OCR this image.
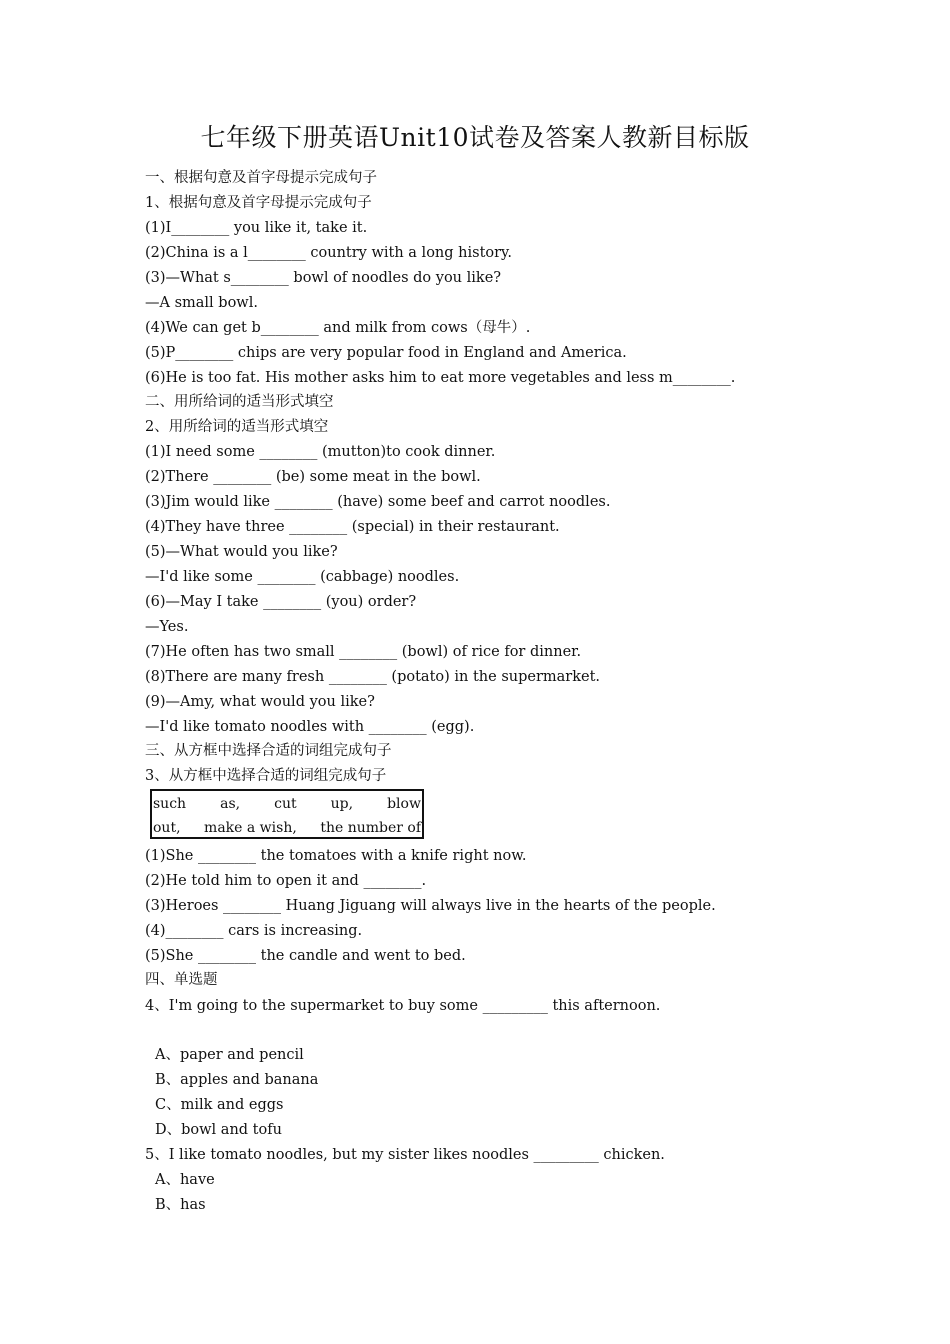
七年级下册英语Unit10试卷及答案人教新目标版
一、根据句意及首字母提示完成句子
1、根据句意及首字母提示完成句子
(1)I________ you like it, take it.
(2)China is a l________ country with a long history.
(3)—What s________ bowl of noodles do you like?
—A small bowl.
(4)We can get b________ and milk from cows（母牛）.
(5)P________ chips are very popular food in England and America.
(6)He is too fat. His mother asks him to eat more vegetables and less m________.
二、用所给词的适当形式填空
2、用所给词的适当形式填空
(1)I need some ________ (mutton)to cook dinner.
(2)There ________ (be) some meat in the bowl.
(3)Jim would like ________ (have) some beef and carrot noodles.
(4)They have three ________ (special) in their restaurant.
(5)—What would you like?
—I'd like some ________ (cabbage) noodles.
(6)—May I take ________ (you) order?
—Yes.
(7)He often has two small ________ (bowl) of rice for dinner.
(8)There are many fresh ________ (potato) in the supermarket.
(9)—Amy, what would you like?
—I'd like tomato noodles with ________ (egg).
三、从方框中选择合适的词组完成句子
3、从方框中选择合适的词组完成句子
such as, cut up, blow
out, make a wish, the number of
(1)She ________ the tomatoes with a knife right now.
(2)He told him to open it and ________.
(3)Heroes ________ Huang Jiguang will always live in the hearts of the people.
(4)________ cars is increasing.
(5)She ________ the candle and went to bed.
四、单选题
4、I'm going to the supermarket to buy some _________ this afternoon.
A、paper and pencil
B、apples and banana
C、milk and eggs
D、bowl and tofu
5、I like tomato noodles, but my sister likes noodles _________ chicken.
A、have
B、has
